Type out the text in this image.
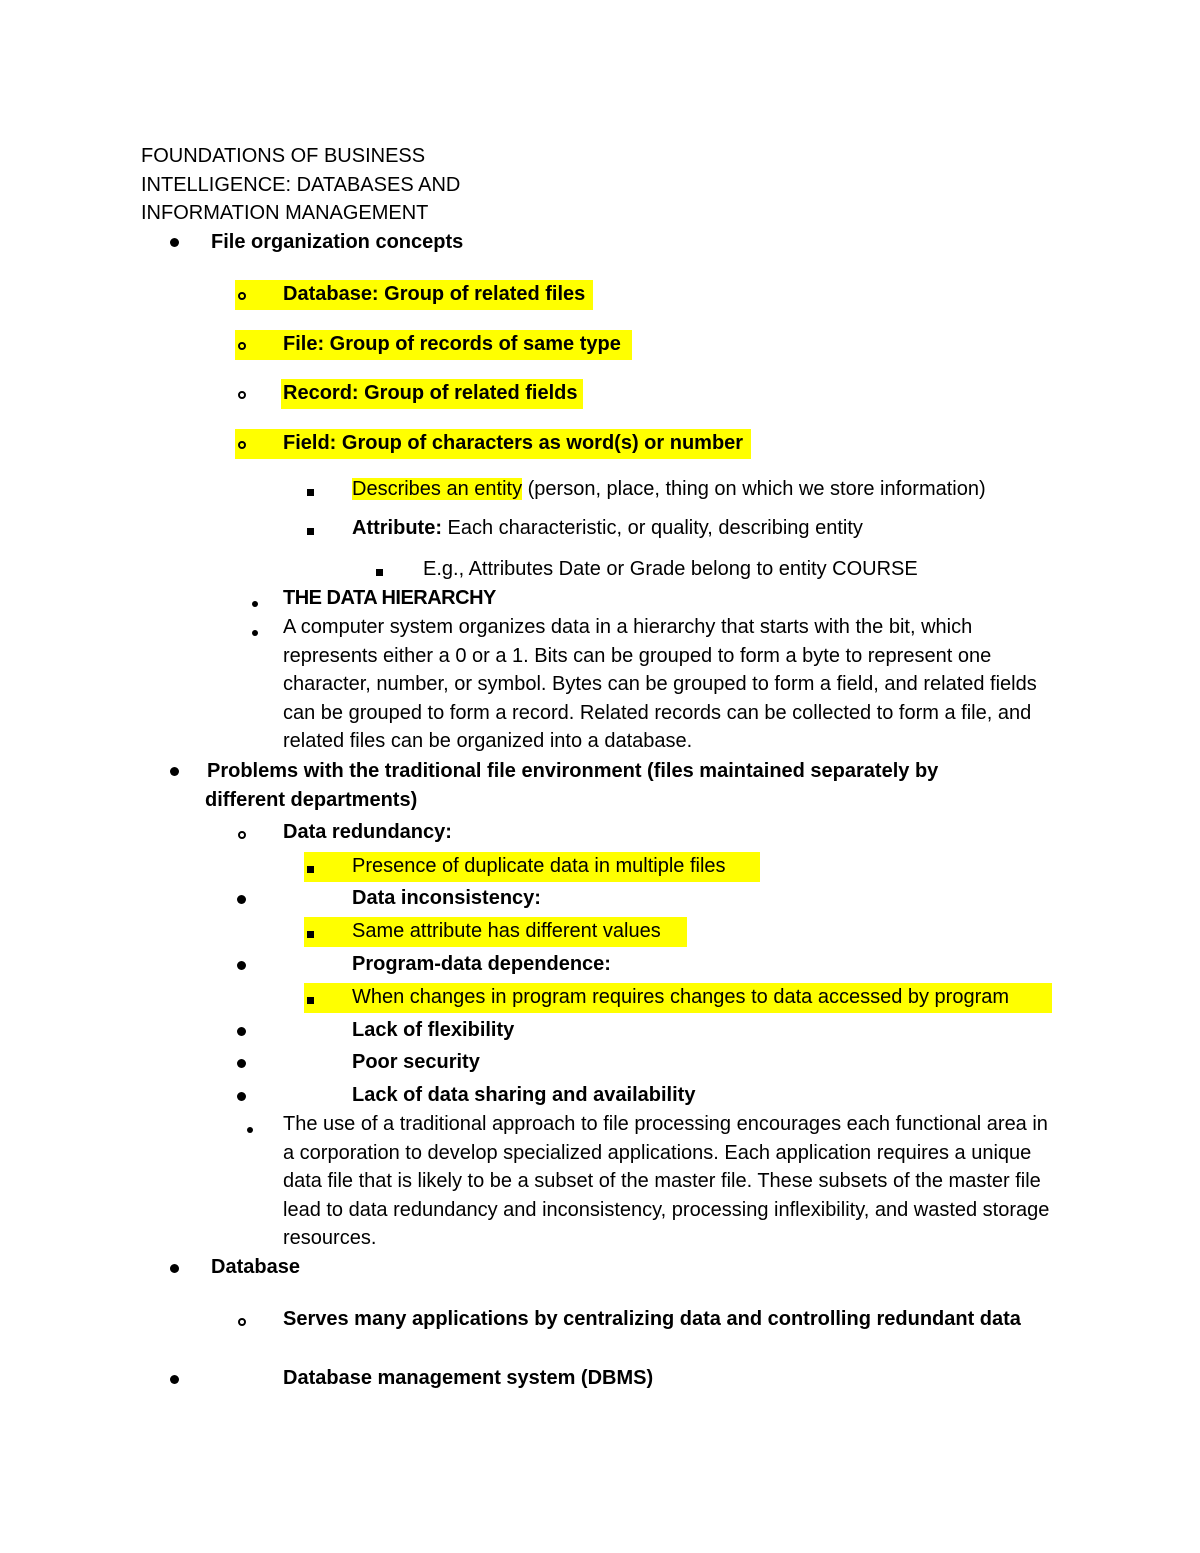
FOUNDATIONS OF BUSINESS
INTELLIGENCE: DATABASES AND
INFORMATION MANAGEMENT
File organization concepts
Database: Group of related files
File: Group of records of same type
Record: Group of related fields
Field: Group of characters as word(s) or number
Describes an entity (person, place, thing on which we store information)
Attribute: Each characteristic, or quality, describing entity
E.g., Attributes Date or Grade belong to entity COURSE
THE DATA HIERARCHY

A computer system organizes data in a hierarchy that starts with the bit, which represents either a 0 or a 1. Bits can be grouped to form a byte to represent one character, number, or symbol. Bytes can be grouped to form a field, and related fields can be grouped to form a record. Related records can be collected to form a file, and related files can be organized into a database.

Problems with the traditional file environment (files maintained separately by
different departments)
Data redundancy:
Presence of duplicate data in multiple files
Data inconsistency:
Same attribute has different values
Program-data dependence:
When changes in program requires changes to data accessed by program
Lack of flexibility
Poor security
Lack of data sharing and availability

The use of a traditional approach to file processing encourages each functional area in a corporation to develop specialized applications. Each application requires a unique data file that is likely to be a subset of the master file. These subsets of the master file lead to data redundancy and inconsistency, processing inflexibility, and wasted storage resources.

Database
Serves many applications by centralizing data and controlling redundant data
Database management system (DBMS)
